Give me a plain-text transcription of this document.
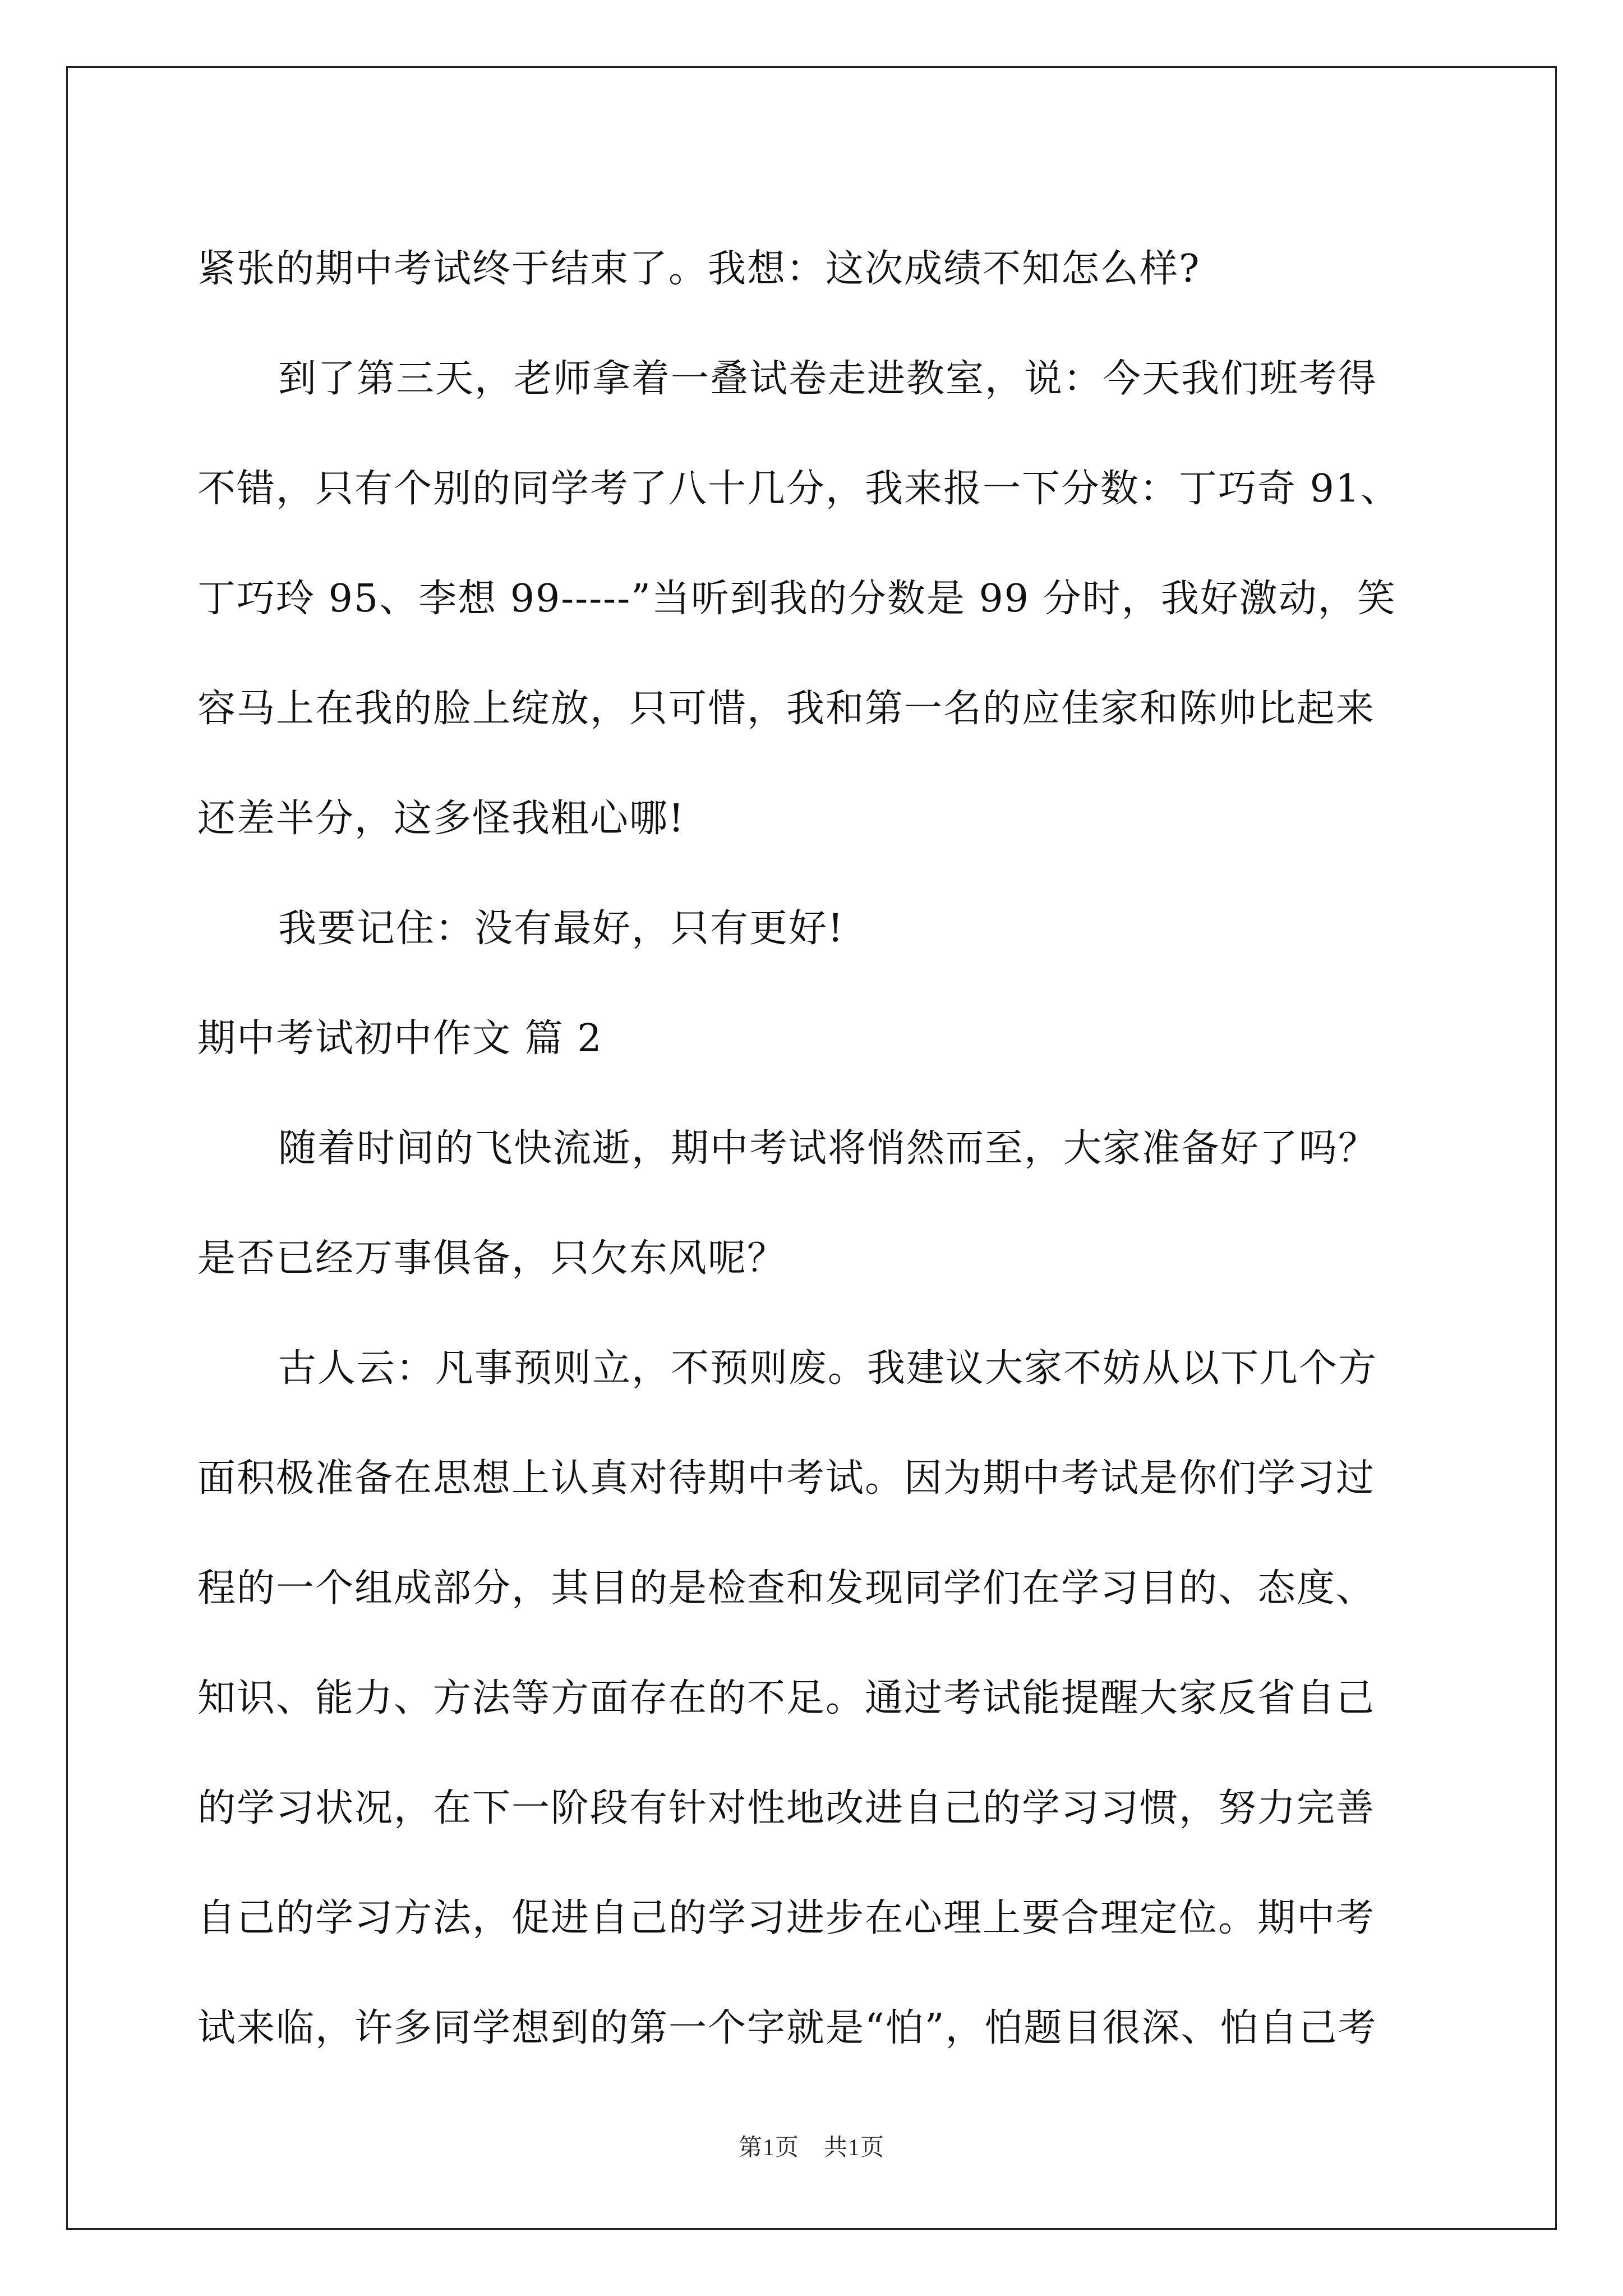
紧张的期中考试终于结束了。我想：这次成绩不知怎么样?
到了第三天，老师拿着一叠试卷走进教室，说：今天我们班考得
不错，只有个别的同学考了八十几分，我来报一下分数：丁巧奇 91、
丁巧玲 95、李想 99-----”当听到我的分数是 99 分时，我好激动，笑
容马上在我的脸上绽放，只可惜，我和第一名的应佳家和陈帅比起来
还差半分，这多怪我粗心哪!
我要记住：没有最好，只有更好!
期中考试初中作文 篇 2
随着时间的飞快流逝，期中考试将悄然而至，大家准备好了吗？
是否已经万事俱备，只欠东风呢？
古人云：凡事预则立，不预则废。我建议大家不妨从以下几个方
面积极准备在思想上认真对待期中考试。因为期中考试是你们学习过
程的一个组成部分，其目的是检查和发现同学们在学习目的、态度、
知识、能力、方法等方面存在的不足。通过考试能提醒大家反省自己
的学习状况，在下一阶段有针对性地改进自己的学习习惯，努力完善
自己的学习方法，促进自己的学习进步在心理上要合理定位。期中考
试来临，许多同学想到的第一个字就是“怕”，怕题目很深、怕自己考
第1页 共1页
